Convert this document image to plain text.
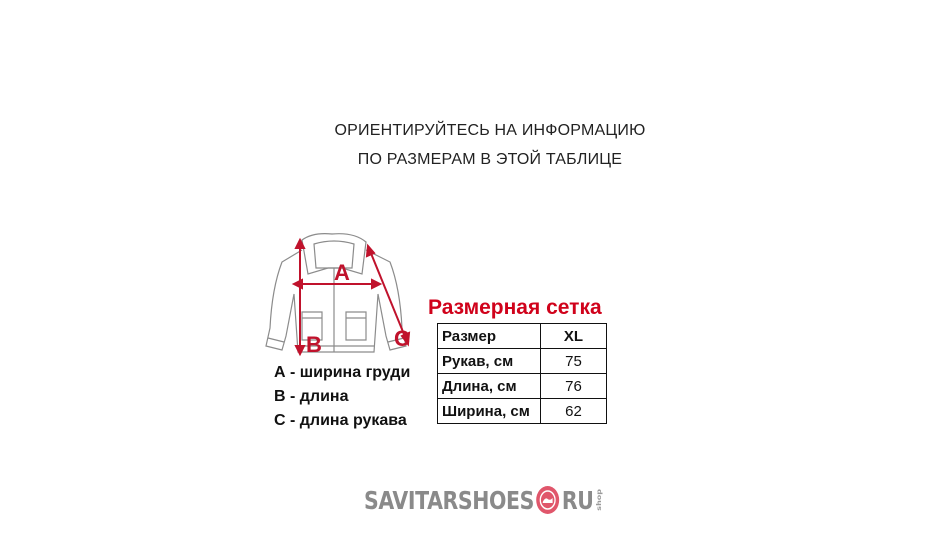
ОРИЕНТИРУЙТЕСЬ НА ИНФОРМАЦИЮ
ПО РАЗМЕРАМ В ЭТОЙ ТАБЛИЦЕ
A
B	C
А - ширина груди
В - длина
С - длина рукава
Размерная сетка
Размер	XL
Рукав, см	75
Длина, см	76
Ширина, см	62
SAVITARSHOES RU shop
